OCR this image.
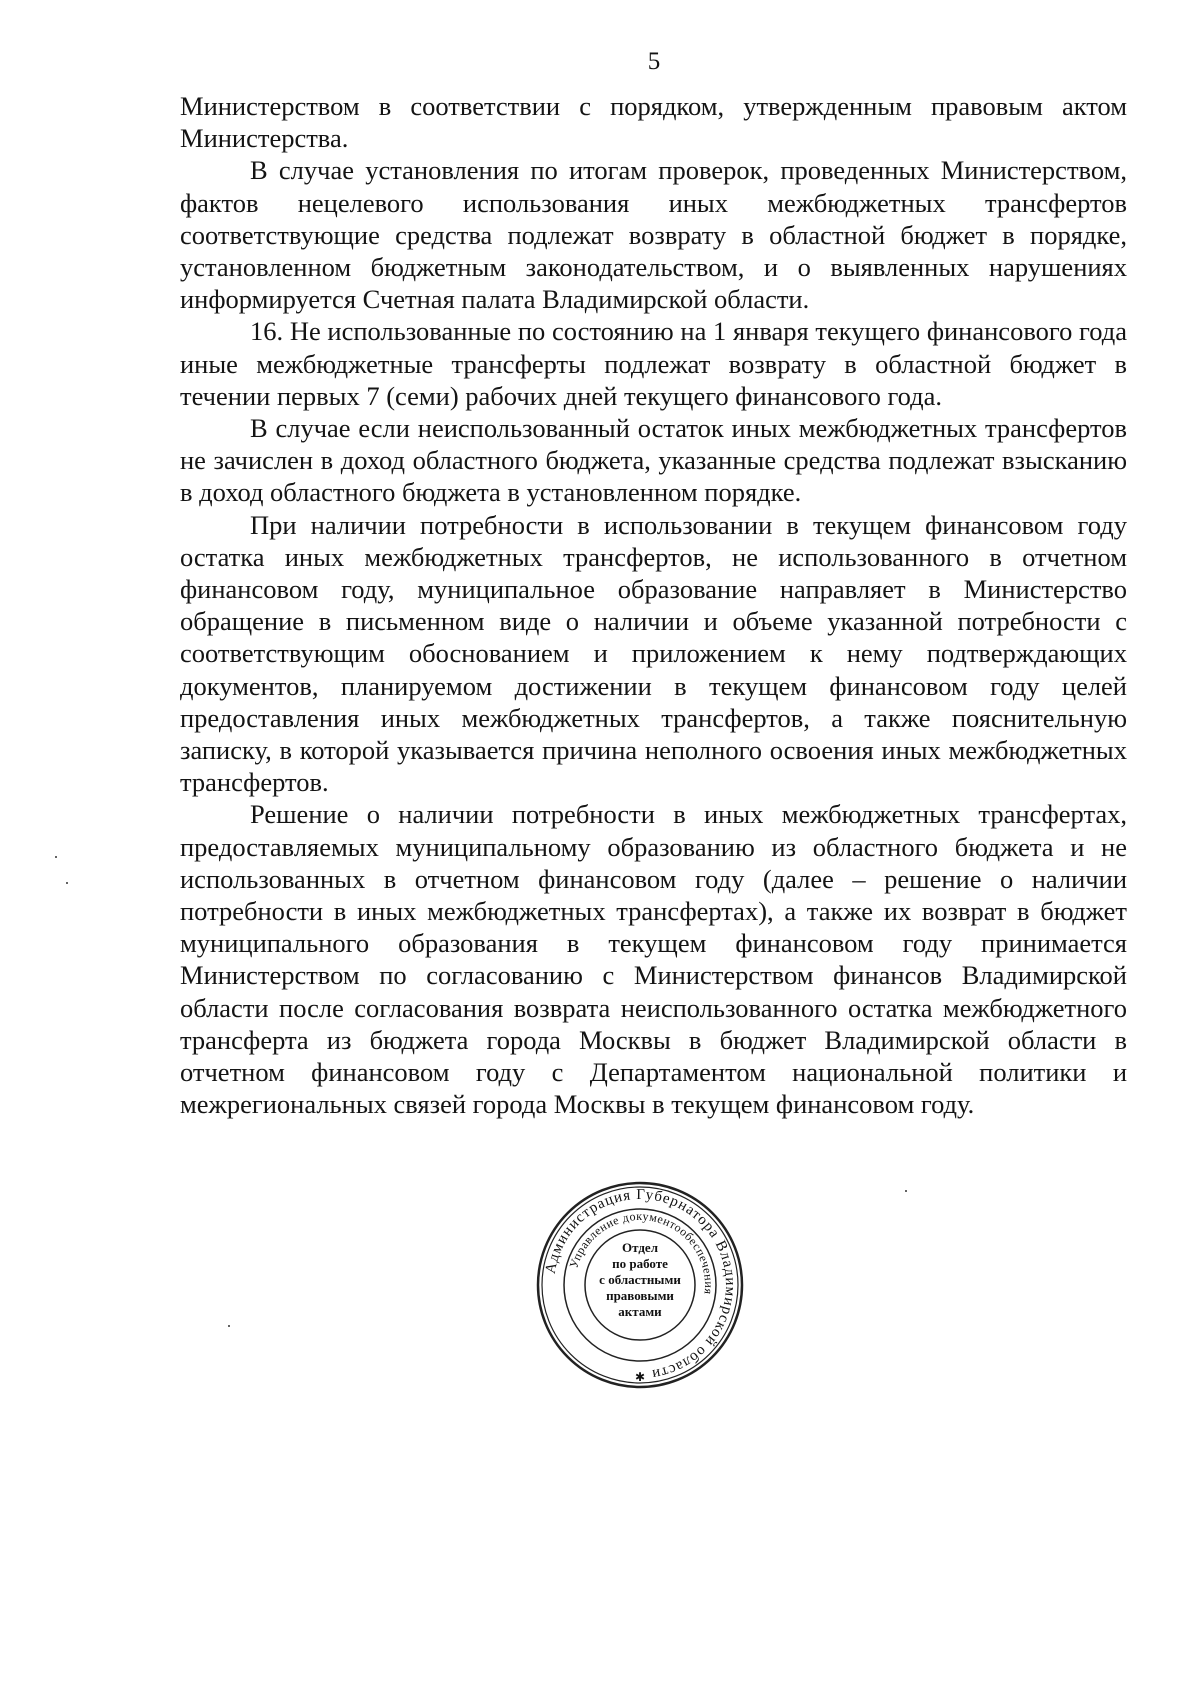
5

Министерством в соответствии с порядком, утвержденным правовым актом Министерства.

В случае установления по итогам проверок, проведенных Министерством, фактов нецелевого использования иных межбюджетных трансфертов соответствующие средства подлежат возврату в областной бюджет в порядке, установленном бюджетным законодательством, и о выявленных нарушениях информируется Счетная палата Владимирской области.

16. Не использованные по состоянию на 1 января текущего финансового года иные межбюджетные трансферты подлежат возврату в областной бюджет в течении первых 7 (семи) рабочих дней текущего финансового года.

В случае если неиспользованный остаток иных межбюджетных трансфертов не зачислен в доход областного бюджета, указанные средства подлежат взысканию в доход областного бюджета в установленном порядке.

При наличии потребности в использовании в текущем финансовом году остатка иных межбюджетных трансфертов, не использованного в отчетном финансовом году, муниципальное образование направляет в Министерство обращение в письменном виде о наличии и объеме указанной потребности с соответствующим обоснованием и приложением к нему подтверждающих документов, планируемом достижении в текущем финансовом году целей предоставления иных межбюджетных трансфертов, а также пояснительную записку, в которой указывается причина неполного освоения иных межбюджетных трансфертов.

Решение о наличии потребности в иных межбюджетных трансфертах, предоставляемых муниципальному образованию из областного бюджета и не использованных в отчетном финансовом году (далее – решение о наличии потребности в иных межбюджетных трансфертах), а также их возврат в бюджет муниципального образования в текущем финансовом году принимается Министерством по согласованию с Министерством финансов Владимирской области после согласования возврата неиспользованного остатка межбюджетного трансферта из бюджета города Москвы в бюджет Владимирской области в отчетном финансовом году с Департаментом национальной политики и межрегиональных связей города Москвы в текущем финансовом году.

Администрация Губернатора Владимирской области
Управление документообеспечения
✱
Отдел
по работе
с областными
правовыми
актами
